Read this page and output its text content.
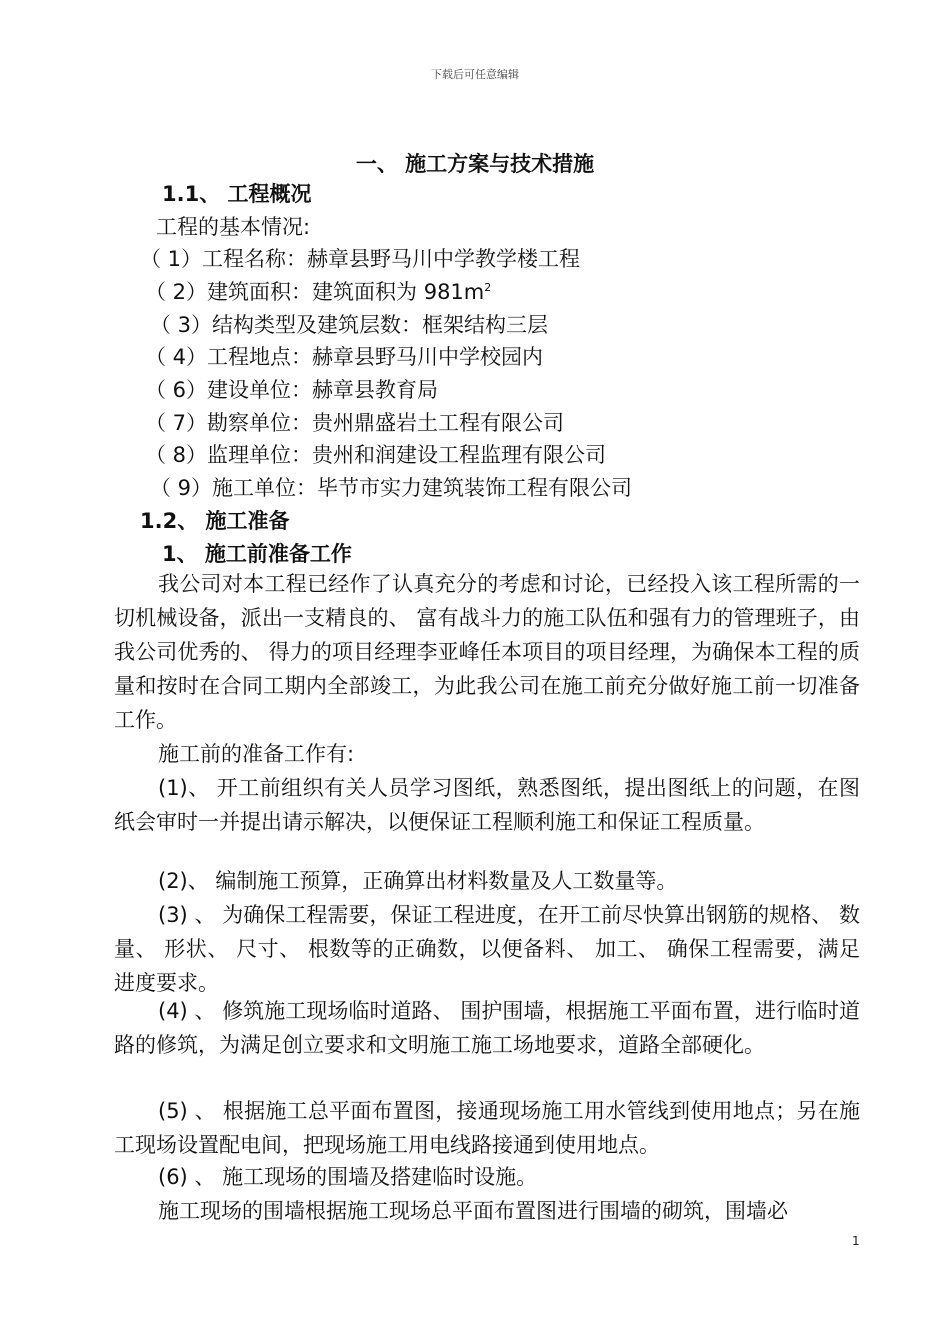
下载后可任意编辑
一、 施工方案与技术措施
1.1、 工程概况
工程的基本情况:
（ 1）工程名称：赫章县野马川中学教学楼工程
（ 2）建筑面积：建筑面积为 $981m^2$
（ 3）结构类型及建筑层数：框架结构三层
（ 4）工程地点：赫章县野马川中学校园内
（ 6）建设单位：赫章县教育局
（ 7）勘察单位：贵州鼎盛岩土工程有限公司
（ 8）监理单位：贵州和润建设工程监理有限公司
（ 9）施工单位：毕节市实力建筑装饰工程有限公司
1.2、 施工准备
1、 施工前准备工作
我公司对本工程已经作了认真充分的考虑和讨论，已经投入该工程所需的一切机械设备，派出一支精良的、 富有战斗力的施工队伍和强有力的管理班子，由我公司优秀的、 得力的项目经理李亚峰任本项目的项目经理，为确保本工程的质量和按时在合同工期内全部竣工，为此我公司在施工前充分做好施工前一切准备工作。
施工前的准备工作有:
(1)、 开工前组织有关人员学习图纸，熟悉图纸，提出图纸上的问题，在图纸会审时一并提出请示解决，以便保证工程顺利施工和保证工程质量。
(2)、 编制施工预算，正确算出材料数量及人工数量等。
(3) 、 为确保工程需要，保证工程进度，在开工前尽快算出钢筋的规格、 数量、 形状、 尺寸、 根数等的正确数，以便备料、 加工、 确保工程需要，满足进度要求。
(4) 、 修筑施工现场临时道路、 围护围墙，根据施工平面布置，进行临时道路的修筑，为满足创立要求和文明施工施工场地要求，道路全部硬化。
(5) 、 根据施工总平面布置图，接通现场施工用水管线到使用地点；另在施工现场设置配电间，把现场施工用电线路接通到使用地点。
(6) 、 施工现场的围墙及搭建临时设施。
施工现场的围墙根据施工现场总平面布置图进行围墙的砌筑，围墙必
1
